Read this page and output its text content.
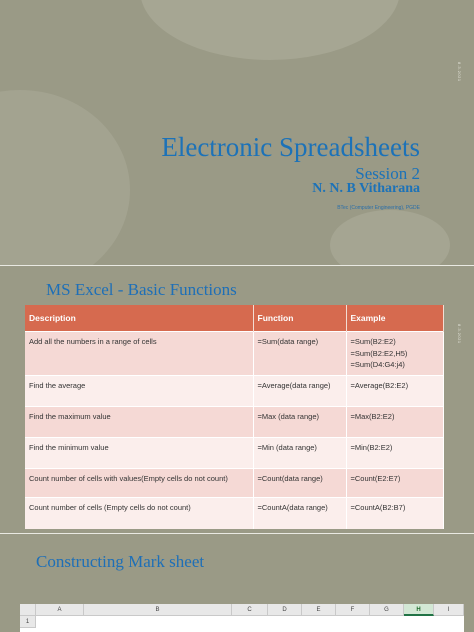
Electronic Spreadsheets
Session 2
N. N. B Vitharana
BTec (Computer Engineering), PGDE
8.3.2021
MS Excel - Basic Functions
8.3.2021
Description	Function	Example
Add all the numbers in a range of cells	=Sum(data range)	=Sum(B2:E2)
=Sum(B2:E2,H5)
=Sum(D4:G4:j4)

Find the average	=Average(data range)	=Average(B2:E2)
Find the maximum value	=Max (data range)	=Max(B2:E2)
Find the minimum value	=Min (data range)	=Min(B2:E2)
Count number of cells with values(Empty cells do not count)	=Count(data range)	=Count(E2:E7)
Count number of cells (Empty cells do not count)	=CountA(data range)	=CountA(B2:B7)
Constructing Mark sheet
A	B	C	D	E	F	G	H	I
1
